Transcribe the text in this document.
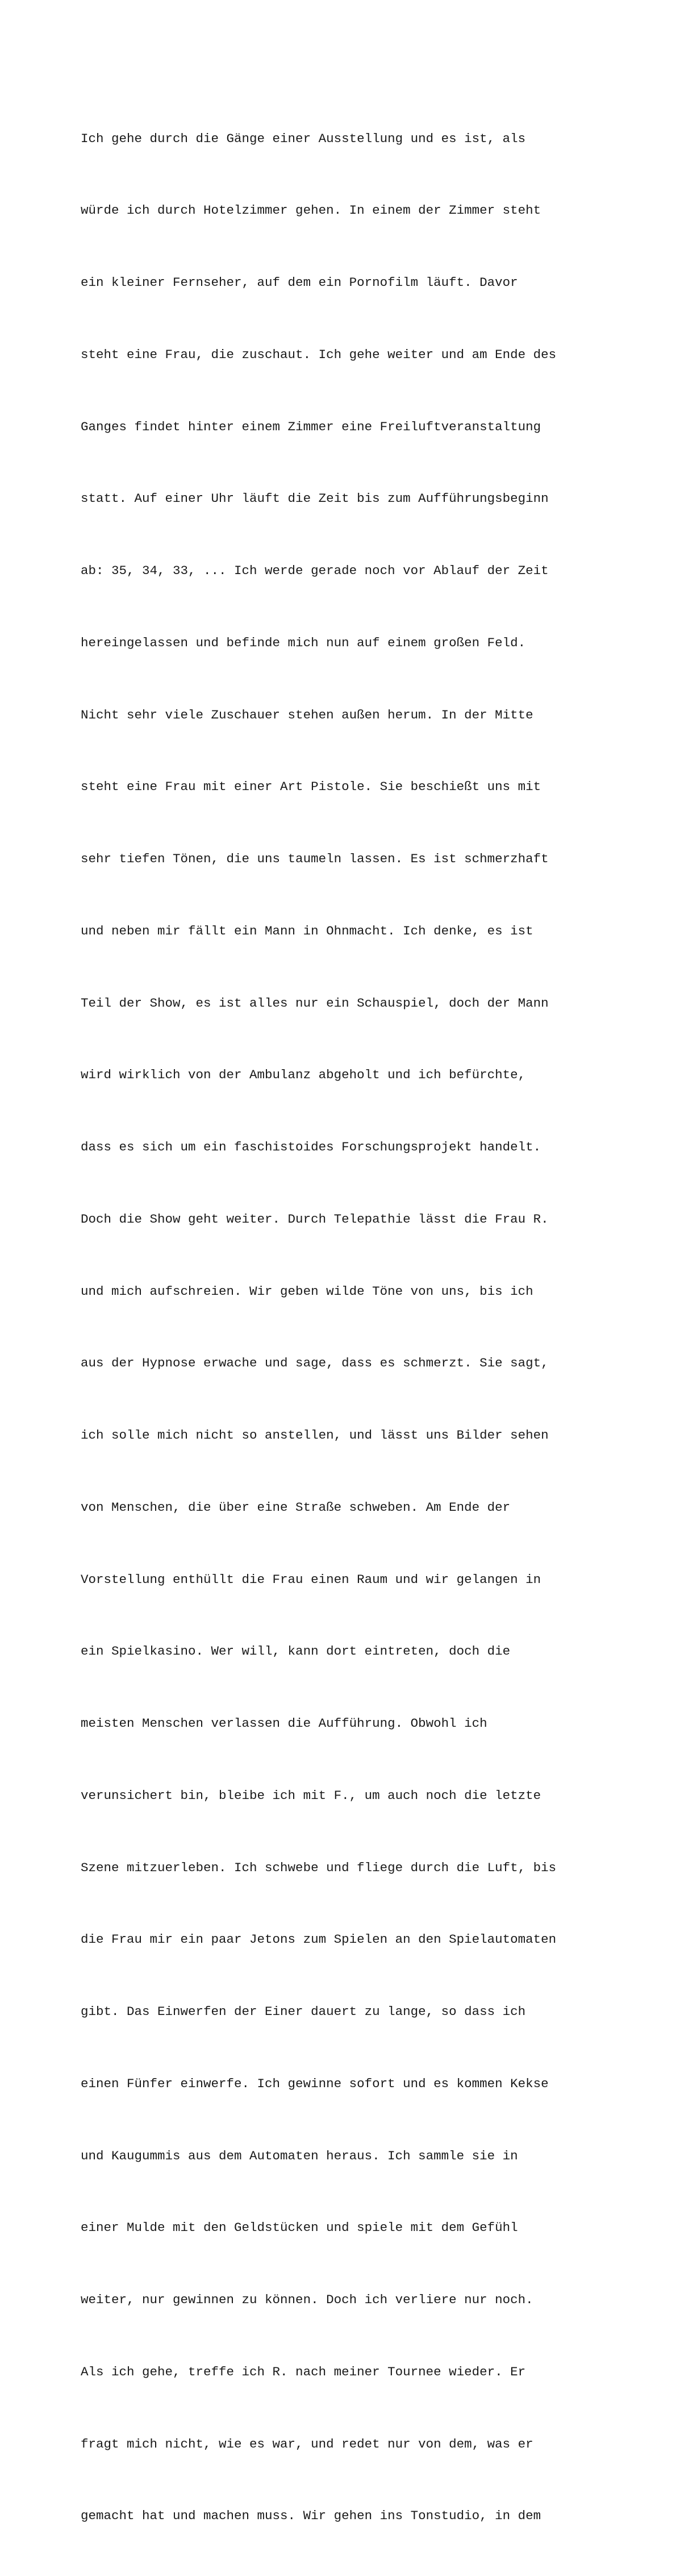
Ich gehe durch die Gänge einer Ausstellung und es ist, als

würde ich durch Hotelzimmer gehen. In einem der Zimmer steht

ein kleiner Fernseher, auf dem ein Pornofilm läuft. Davor

steht eine Frau, die zuschaut. Ich gehe weiter und am Ende des

Ganges findet hinter einem Zimmer eine Freiluftveranstaltung

statt. Auf einer Uhr läuft die Zeit bis zum Aufführungsbeginn

ab: 35, 34, 33, ... Ich werde gerade noch vor Ablauf der Zeit

hereingelassen und befinde mich nun auf einem großen Feld.

Nicht sehr viele Zuschauer stehen außen herum. In der Mitte

steht eine Frau mit einer Art Pistole. Sie beschießt uns mit

sehr tiefen Tönen, die uns taumeln lassen. Es ist schmerzhaft

und neben mir fällt ein Mann in Ohnmacht. Ich denke, es ist

Teil der Show, es ist alles nur ein Schauspiel, doch der Mann

wird wirklich von der Ambulanz abgeholt und ich befürchte,

dass es sich um ein faschistoides Forschungsprojekt handelt.

Doch die Show geht weiter. Durch Telepathie lässt die Frau R.

und mich aufschreien. Wir geben wilde Töne von uns, bis ich

aus der Hypnose erwache und sage, dass es schmerzt. Sie sagt,

ich solle mich nicht so anstellen, und lässt uns Bilder sehen

von Menschen, die über eine Straße schweben. Am Ende der

Vorstellung enthüllt die Frau einen Raum und wir gelangen in

ein Spielkasino. Wer will, kann dort eintreten, doch die

meisten Menschen verlassen die Aufführung. Obwohl ich

verunsichert bin, bleibe ich mit F., um auch noch die letzte

Szene mitzuerleben. Ich schwebe und fliege durch die Luft, bis

die Frau mir ein paar Jetons zum Spielen an den Spielautomaten

gibt. Das Einwerfen der Einer dauert zu lange, so dass ich

einen Fünfer einwerfe. Ich gewinne sofort und es kommen Kekse

und Kaugummis aus dem Automaten heraus. Ich sammle sie in

einer Mulde mit den Geldstücken und spiele mit dem Gefühl

weiter, nur gewinnen zu können. Doch ich verliere nur noch.

Als ich gehe, treffe ich R. nach meiner Tournee wieder. Er

fragt mich nicht, wie es war, und redet nur von dem, was er

gemacht hat und machen muss. Wir gehen ins Tonstudio, in dem
